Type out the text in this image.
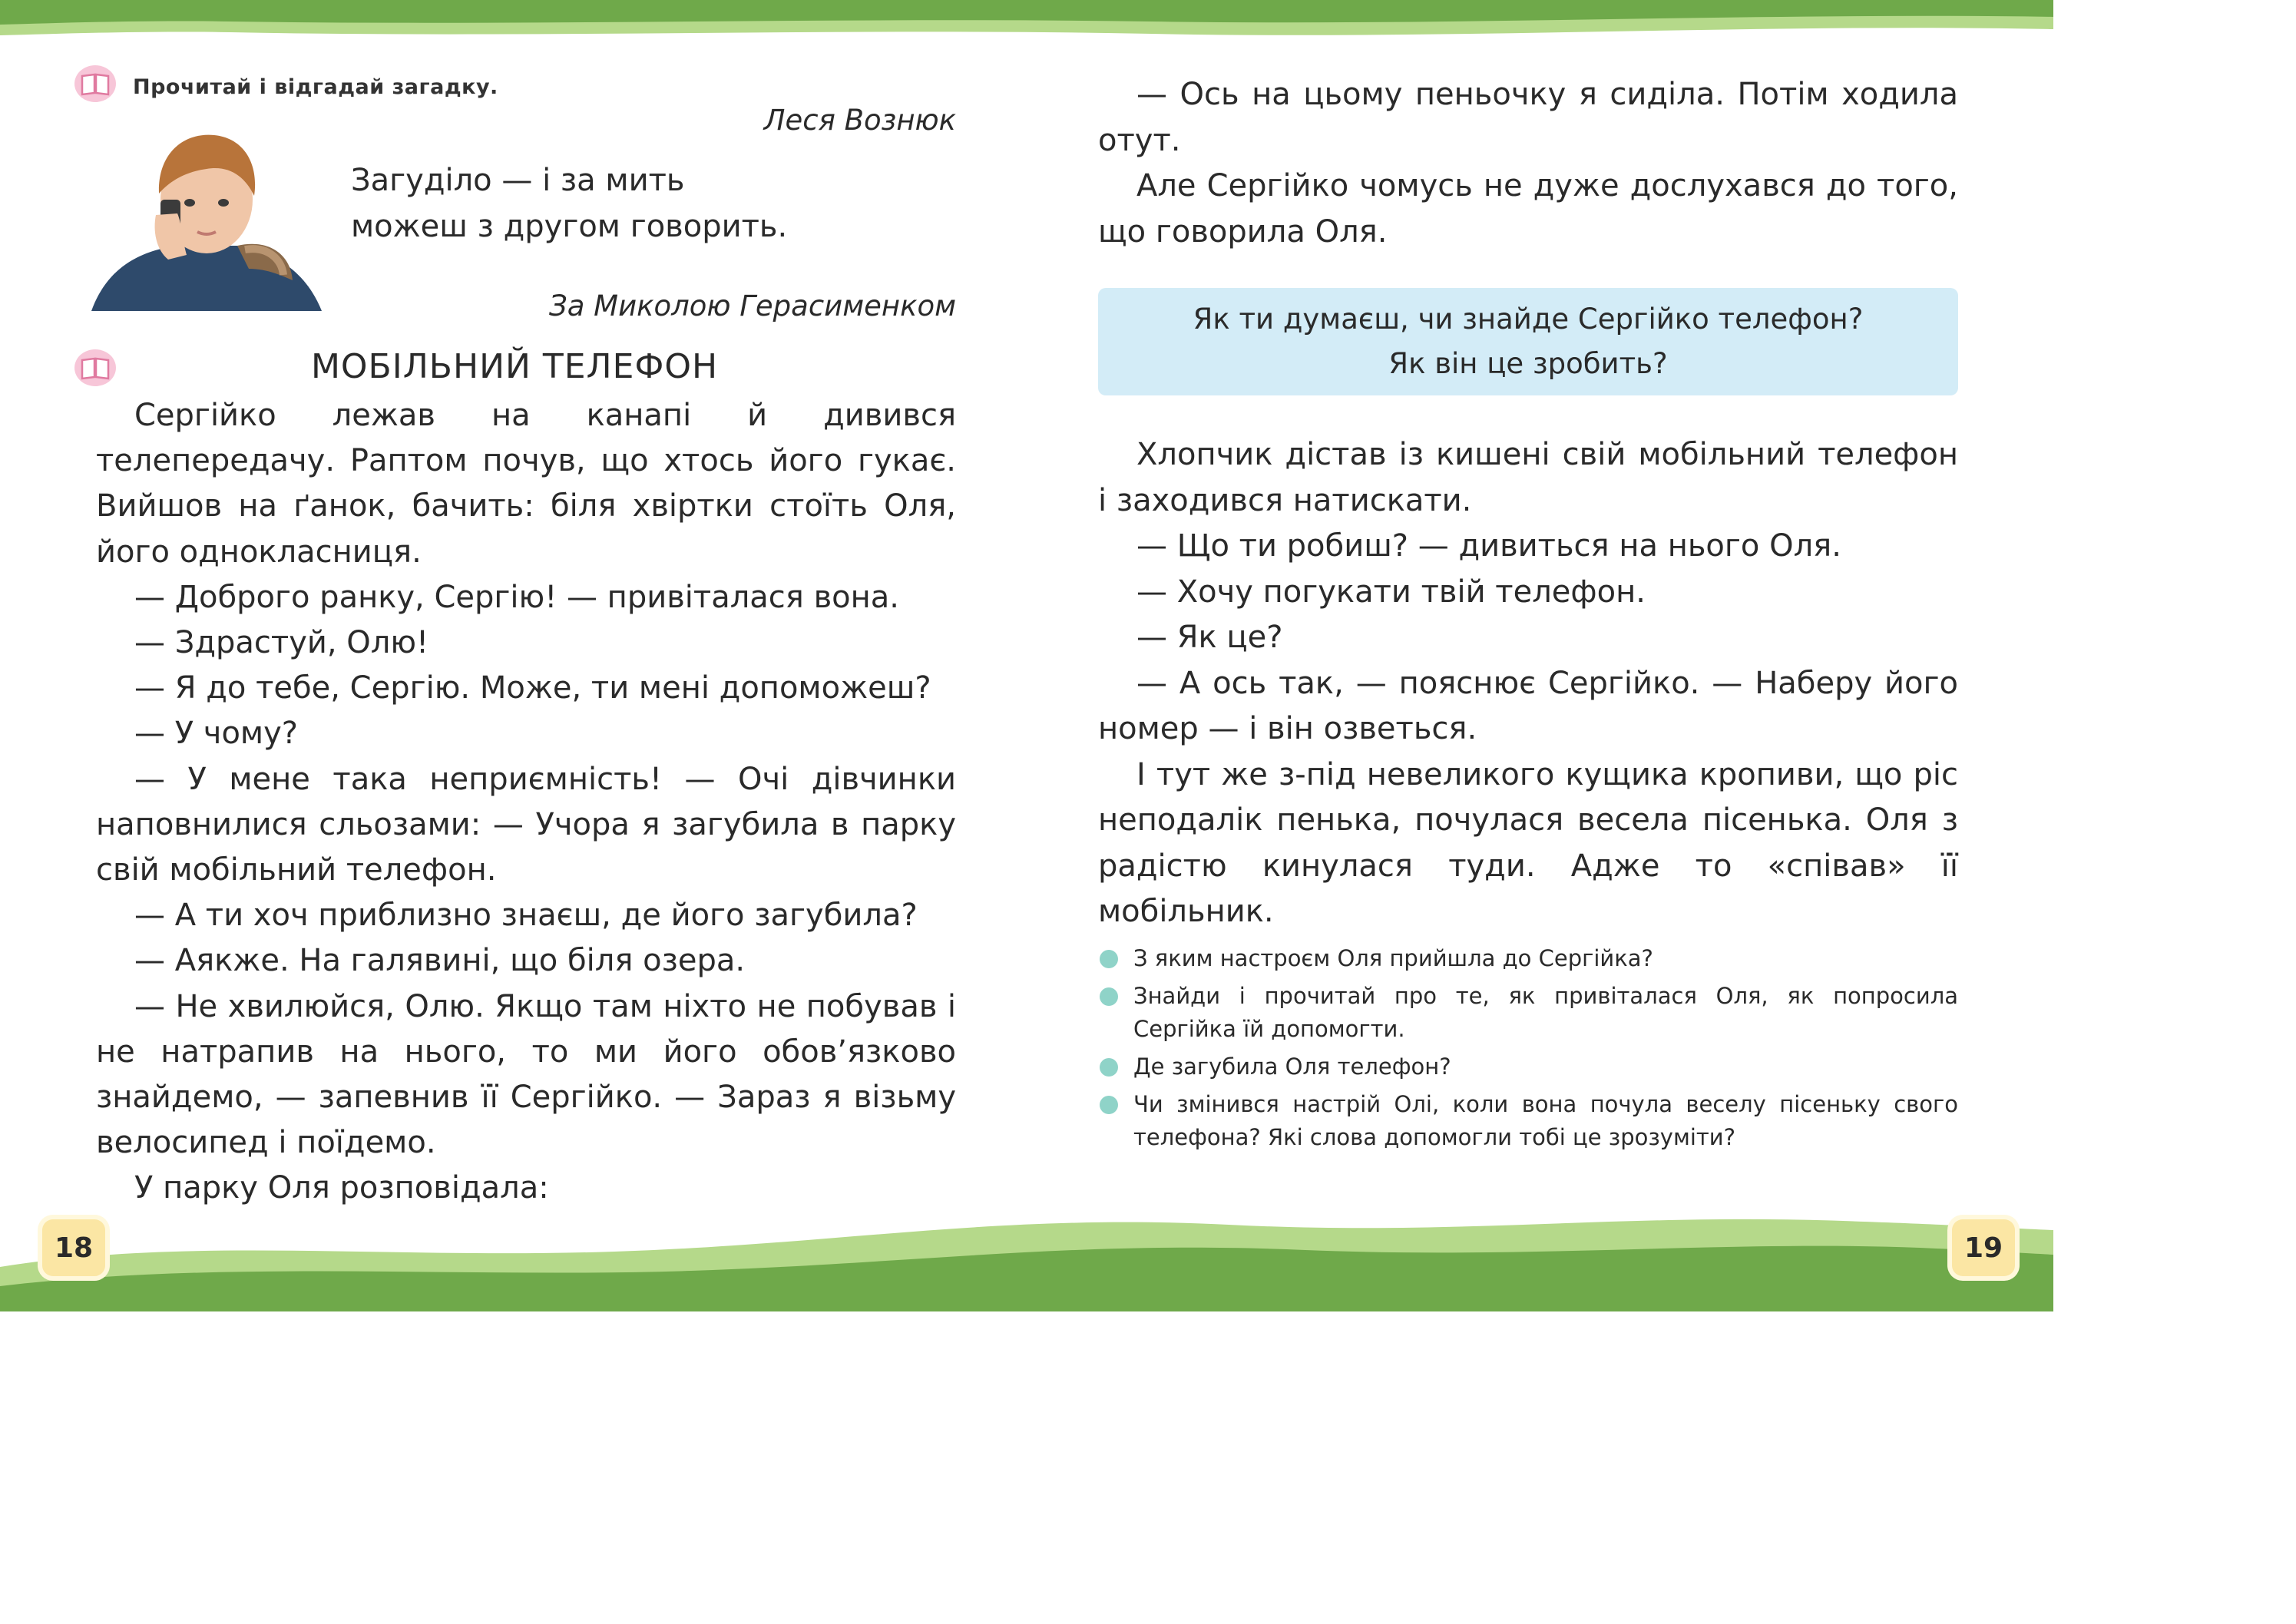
Прочитай і відгадай загадку.
Леся Вознюк
Загуділо — і за мить
можеш з другом говорить.
За Миколою Герасименком
МОБІЛЬНИЙ ТЕЛЕФОН

Сергійко лежав на канапі й дивився телепередачу. Раптом почув, що хтось його гукає. Вийшов на ґанок, бачить: біля хвіртки стоїть Оля, його однокласниця.

— Доброго ранку, Сергію! — привіталася вона.

— Здрастуй, Олю!

— Я до тебе, Сергію. Може, ти мені допоможеш?

— У чому?

— У мене така неприємність! — Очі дівчинки наповнилися сльозами: — Учора я загубила в парку свій мобільний телефон.

— А ти хоч приблизно знаєш, де його загубила?

— Аякже. На галявині, що біля озера.

— Не хвилюйся, Олю. Якщо там ніхто не побував і не натрапив на нього, то ми його обов’язково знайдемо, — запевнив її Сергійко. — Зараз я візьму велосипед і поїдемо.

У парку Оля розповідала:

— Ось на цьому пеньочку я сиділа. Потім ходила отут.

Але Сергійко чомусь не дуже дослухався до того, що говорила Оля.

Як ти думаєш, чи знайде Сергійко телефон?
Як він це зробить?

Хлопчик дістав із кишені свій мобільний телефон і заходився натискати.

— Що ти робиш? — дивиться на нього Оля.

— Хочу погукати твій телефон.

— Як це?

— А ось так, — пояснює Сергійко. — Наберу його номер — і він озветься.

І тут же з-під невеликого кущика кропиви, що ріс неподалік пенька, почулася весела пісенька. Оля з радістю кинулася туди. Адже то «співав» її мобільник.

З яким настроєм Оля прийшла до Сергійка?
Знайди і прочитай про те, як привіталася Оля, як попросила Сергійка їй допомогти.
Де загубила Оля телефон?
Чи змінився настрій Олі, коли вона почула веселу пісеньку свого телефона? Які слова допомогли тобі це зрозуміти?
18	19
